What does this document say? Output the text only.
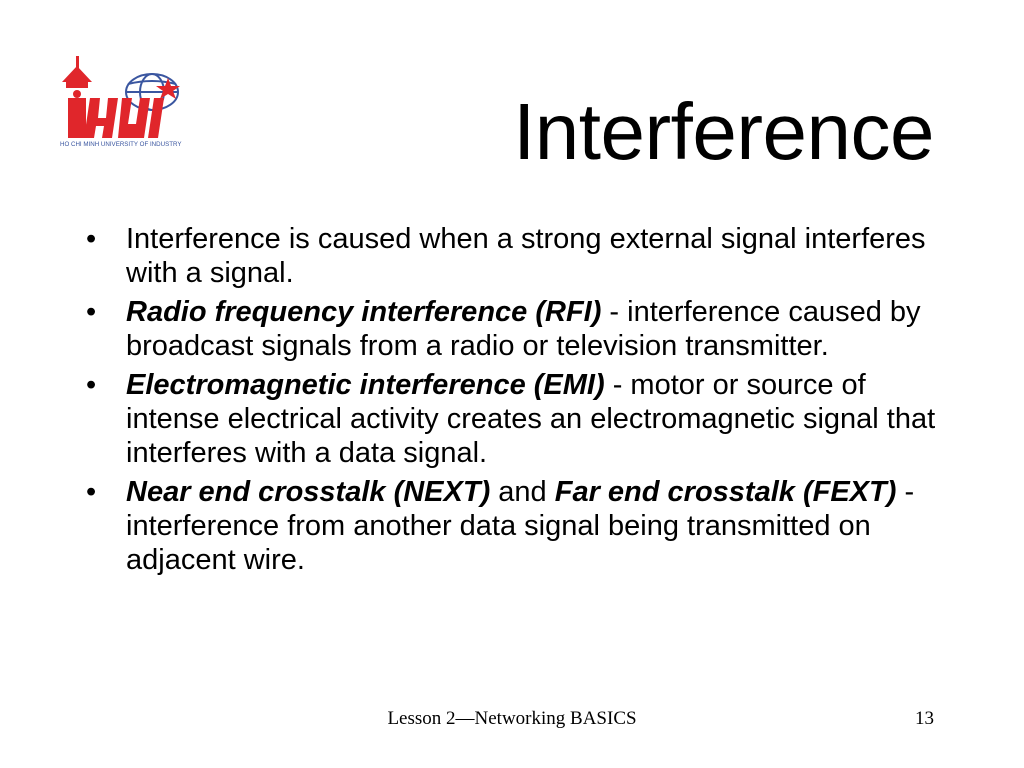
HO CHI MINH UNIVERSITY OF INDUSTRY	Interference
• Interference is caused when a strong external signal interferes with a signal.
• Radio frequency interference (RFI) - interference caused by broadcast signals from a radio or television transmitter.
• Electromagnetic interference (EMI) - motor or source of intense electrical activity creates an electromagnetic signal that interferes with a data signal.
• Near end crosstalk (NEXT) and Far end crosstalk (FEXT) - interference from another data signal being transmitted on adjacent wire.
Lesson 2—Networking BASICS	13
